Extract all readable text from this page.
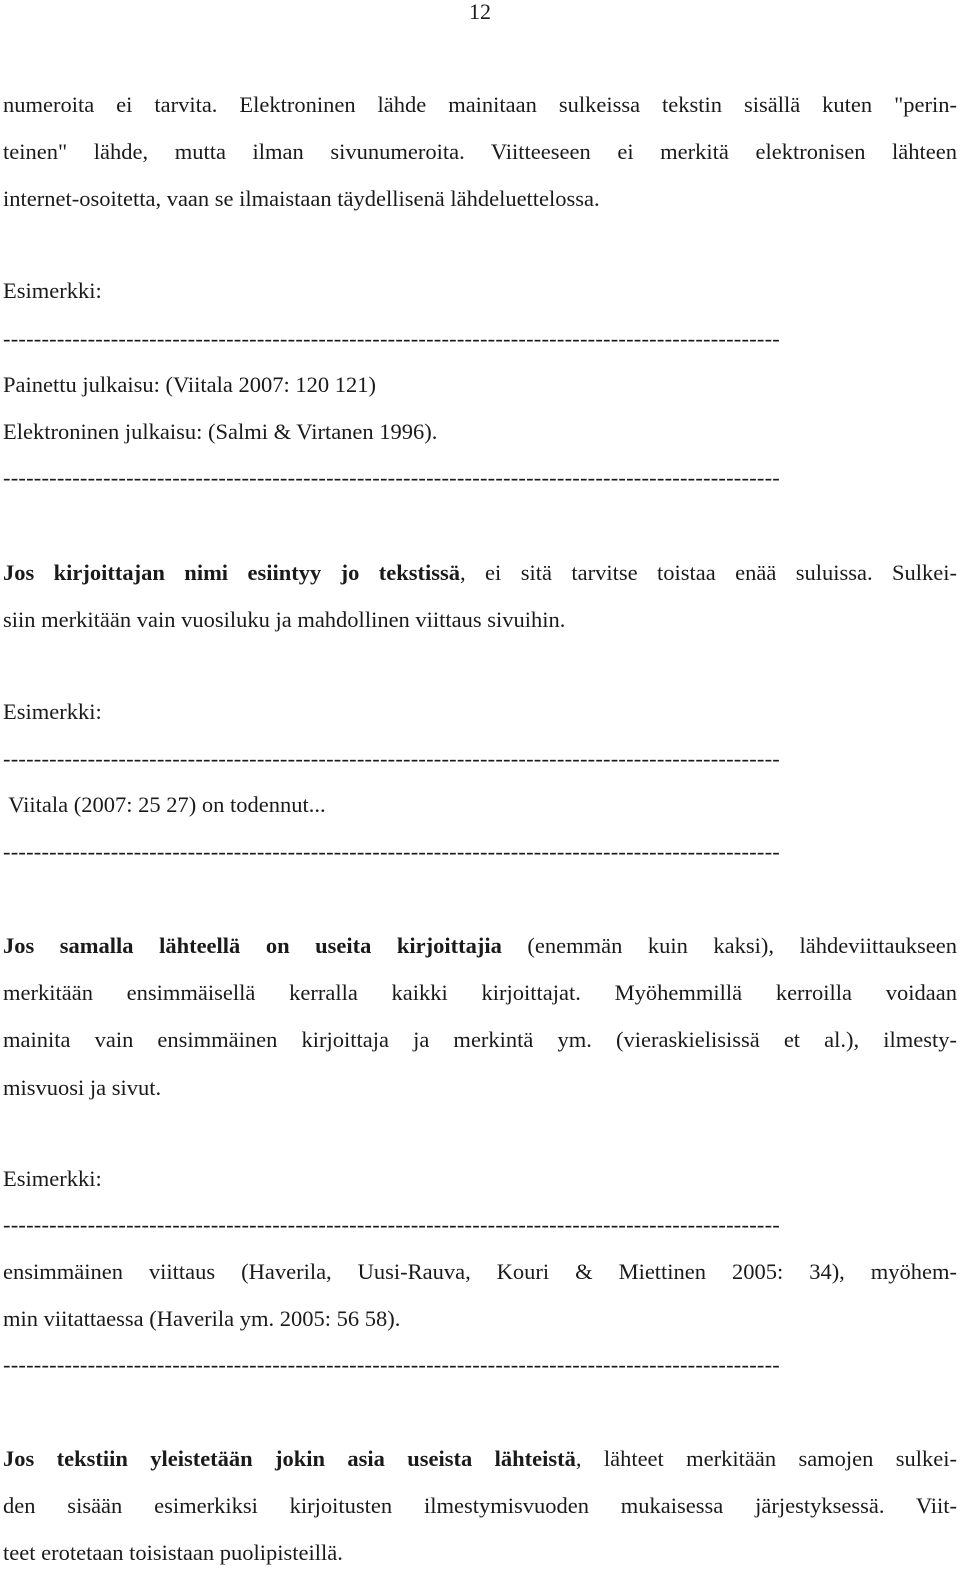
12
numeroita ei tarvita. Elektroninen lähde mainitaan sulkeissa tekstin sisällä kuten "perin-
teinen" lähde, mutta ilman sivunumeroita. Viitteeseen ei merkitä elektronisen lähteen
internet-osoitetta, vaan se ilmaistaan täydellisenä lähdeluettelossa.
Esimerkki:
-----------------------------------------------------------------------------------------------------
Painettu julkaisu: (Viitala 2007: 120 121)
Elektroninen julkaisu: (Salmi & Virtanen 1996).
-----------------------------------------------------------------------------------------------------
Jos kirjoittajan nimi esiintyy jo tekstissä, ei sitä tarvitse toistaa enää suluissa. Sulkei-
siin merkitään vain vuosiluku ja mahdollinen viittaus sivuihin.
Esimerkki:
-----------------------------------------------------------------------------------------------------
Viitala (2007: 25 27) on todennut...
-----------------------------------------------------------------------------------------------------
Jos samalla lähteellä on useita kirjoittajia (enemmän kuin kaksi), lähdeviittaukseen
merkitään ensimmäisellä kerralla kaikki kirjoittajat. Myöhemmillä kerroilla voidaan
mainita vain ensimmäinen kirjoittaja ja merkintä ym. (vieraskielisissä et al.), ilmesty-
misvuosi ja sivut.
Esimerkki:
-----------------------------------------------------------------------------------------------------
ensimmäinen viittaus (Haverila, Uusi-Rauva, Kouri & Miettinen 2005: 34), myöhem-
min viitattaessa (Haverila ym. 2005: 56 58).
-----------------------------------------------------------------------------------------------------
Jos tekstiin yleistetään jokin asia useista lähteistä, lähteet merkitään samojen sulkei-
den sisään esimerkiksi kirjoitusten ilmestymisvuoden mukaisessa järjestyksessä. Viit-
teet erotetaan toisistaan puolipisteillä.
